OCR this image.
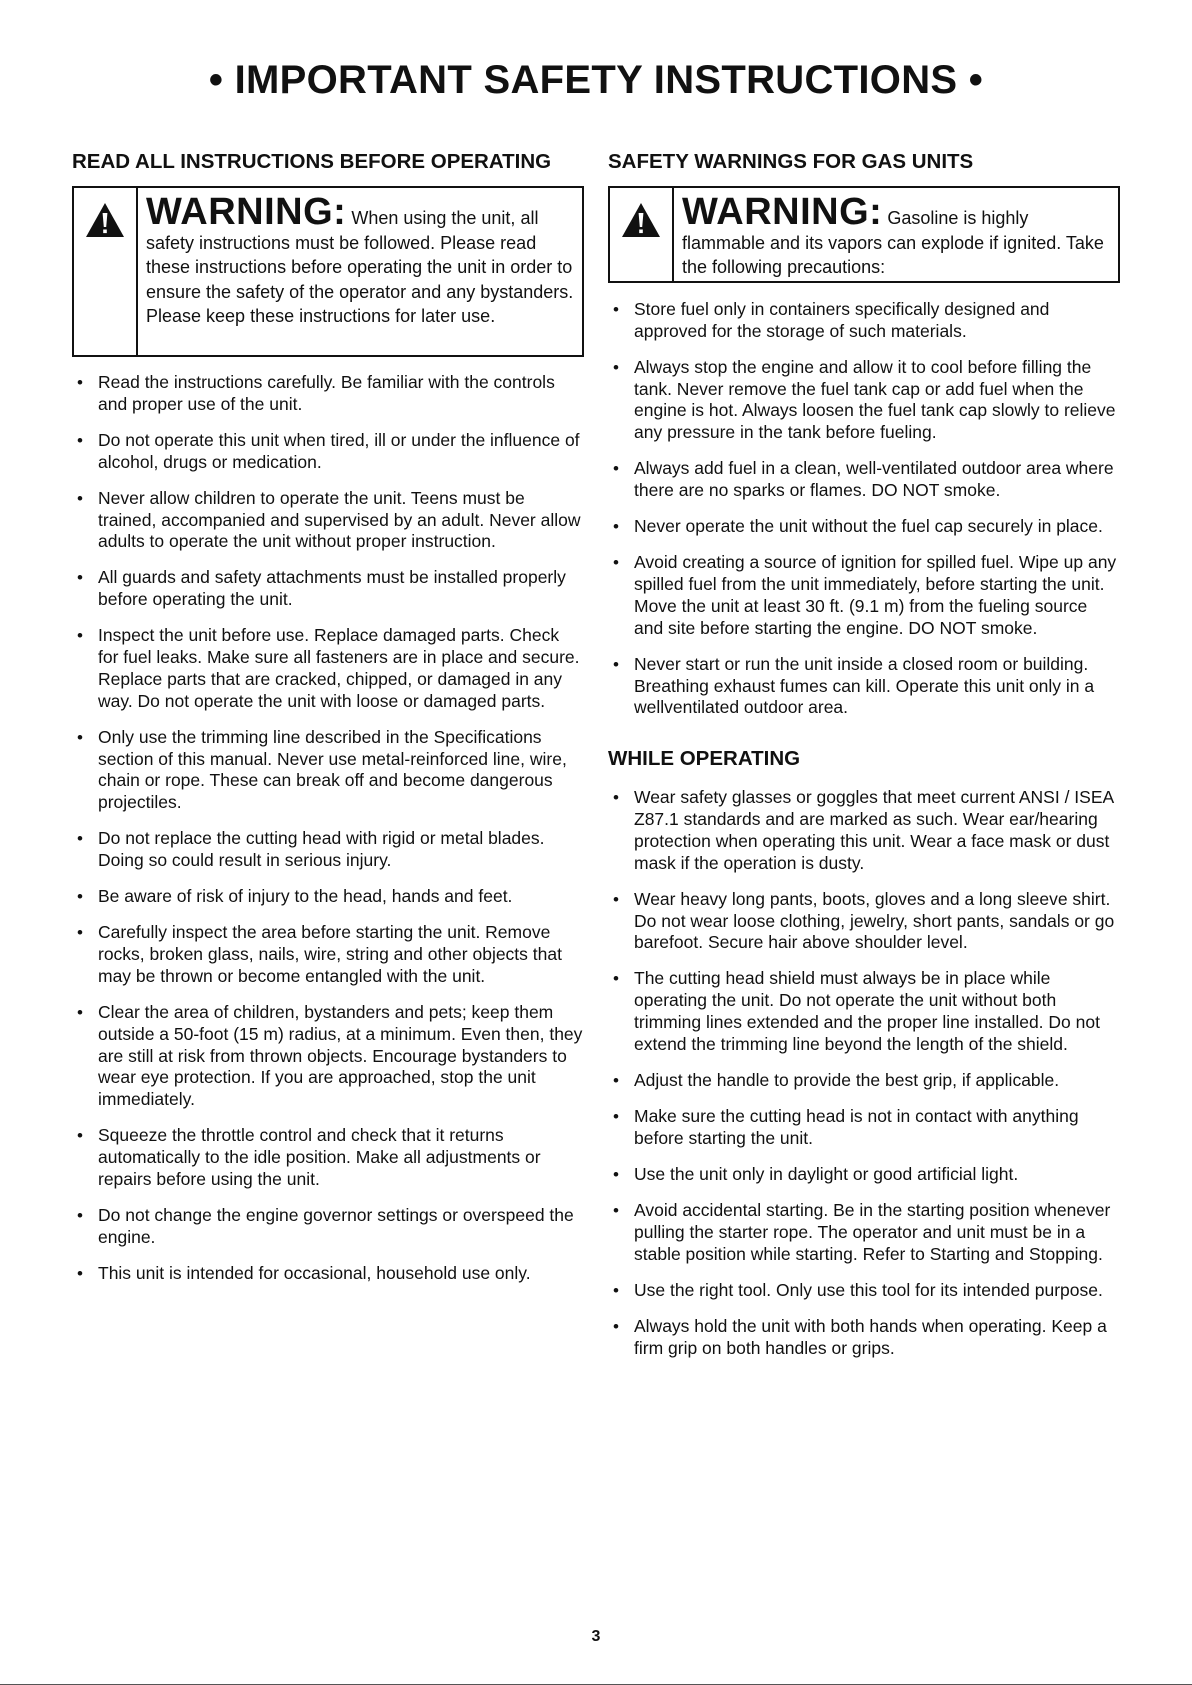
• IMPORTANT SAFETY INSTRUCTIONS •
READ ALL INSTRUCTIONS BEFORE OPERATING
WARNING: When using the unit, all safety instructions must be followed. Please read these instructions before operating the unit in order to ensure the safety of the operator and any bystanders. Please keep these instructions for later use.
• Read the instructions carefully. Be familiar with the controls and proper use of the unit.
• Do not operate this unit when tired, ill or under the influence of alcohol, drugs or medication.
• Never allow children to operate the unit. Teens must be trained, accompanied and supervised by an adult. Never allow adults to operate the unit without proper instruction.
• All guards and safety attachments must be installed properly before operating the unit.
• Inspect the unit before use. Replace damaged parts. Check for fuel leaks. Make sure all fasteners are in place and secure. Replace parts that are cracked, chipped, or damaged in any way. Do not operate the unit with loose or damaged parts.
• Only use the trimming line described in the Specifications section of this manual. Never use metal-reinforced line, wire, chain or rope. These can break off and become dangerous projectiles.
• Do not replace the cutting head with rigid or metal blades. Doing so could result in serious injury.
• Be aware of risk of injury to the head, hands and feet.
• Carefully inspect the area before starting the unit. Remove rocks, broken glass, nails, wire, string and other objects that may be thrown or become entangled with the unit.
• Clear the area of children, bystanders and pets; keep them outside a 50-foot (15 m) radius, at a minimum. Even then, they are still at risk from thrown objects. Encourage bystanders to wear eye protection. If you are approached, stop the unit immediately.
• Squeeze the throttle control and check that it returns automatically to the idle position. Make all adjustments or repairs before using the unit.
• Do not change the engine governor settings or overspeed the engine.
• This unit is intended for occasional, household use only.
SAFETY WARNINGS FOR GAS UNITS
WARNING: Gasoline is highly flammable and its vapors can explode if ignited. Take the following precautions:
• Store fuel only in containers specifically designed and approved for the storage of such materials.
• Always stop the engine and allow it to cool before filling the tank. Never remove the fuel tank cap or add fuel when the engine is hot. Always loosen the fuel tank cap slowly to relieve any pressure in the tank before fueling.
• Always add fuel in a clean, well-ventilated outdoor area where there are no sparks or flames. DO NOT smoke.
• Never operate the unit without the fuel cap securely in place.
• Avoid creating a source of ignition for spilled fuel. Wipe up any spilled fuel from the unit immediately, before starting the unit. Move the unit at least 30 ft. (9.1 m) from the fueling source and site before starting the engine. DO NOT smoke.
• Never start or run the unit inside a closed room or building. Breathing exhaust fumes can kill. Operate this unit only in a wellventilated outdoor area.
WHILE OPERATING
• Wear safety glasses or goggles that meet current ANSI / ISEA Z87.1 standards and are marked as such. Wear ear/hearing protection when operating this unit. Wear a face mask or dust mask if the operation is dusty.
• Wear heavy long pants, boots, gloves and a long sleeve shirt. Do not wear loose clothing, jewelry, short pants, sandals or go barefoot. Secure hair above shoulder level.
• The cutting head shield must always be in place while operating the unit. Do not operate the unit without both trimming lines extended and the proper line installed. Do not extend the trimming line beyond the length of the shield.
• Adjust the handle to provide the best grip, if applicable.
• Make sure the cutting head is not in contact with anything before starting the unit.
• Use the unit only in daylight or good artificial light.
• Avoid accidental starting. Be in the starting position whenever pulling the starter rope. The operator and unit must be in a stable position while starting. Refer to Starting and Stopping.
• Use the right tool. Only use this tool for its intended purpose.
• Always hold the unit with both hands when operating. Keep a firm grip on both handles or grips.
3
